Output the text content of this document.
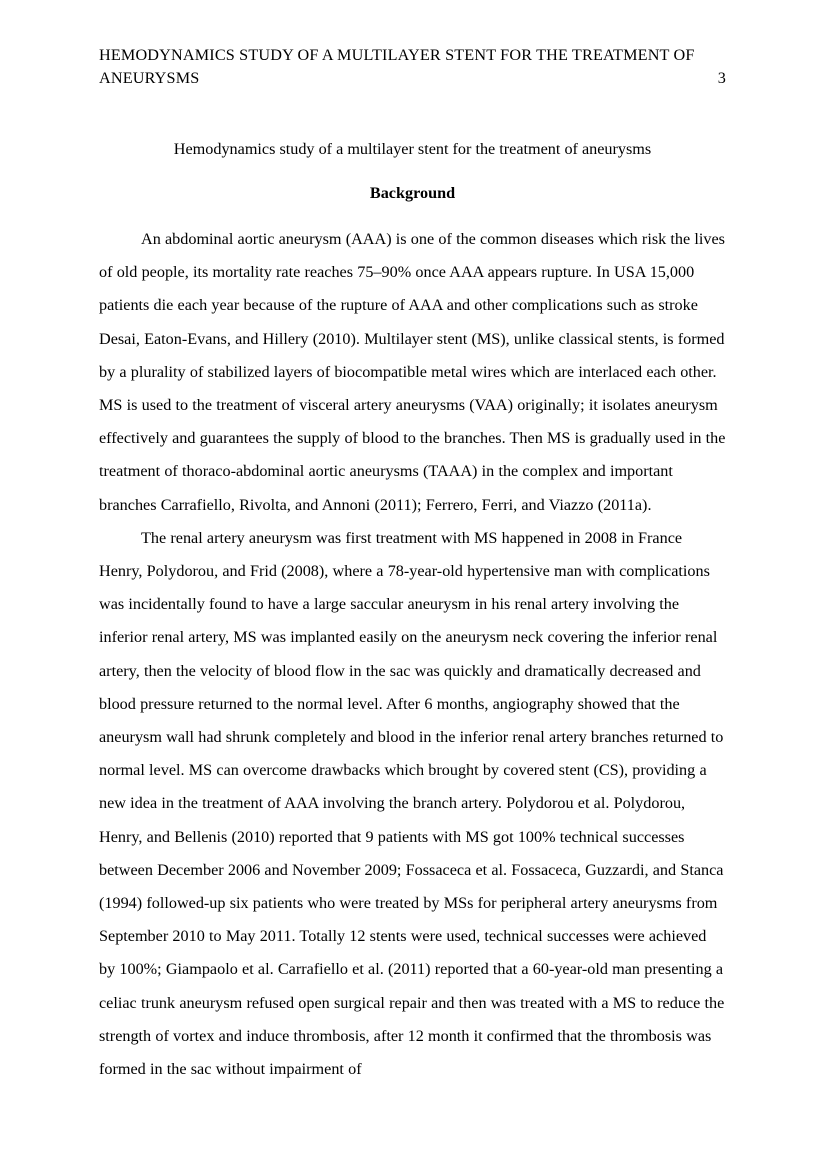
HEMODYNAMICS STUDY OF A MULTILAYER STENT FOR THE TREATMENT OF ANEURYSMS	3
Hemodynamics study of a multilayer stent for the treatment of aneurysms
Background

An abdominal aortic aneurysm (AAA) is one of the common diseases which risk the lives of old people, its mortality rate reaches 75–90% once AAA appears rupture. In USA 15,000 patients die each year because of the rupture of AAA and other complications such as stroke Desai, Eaton-Evans, and Hillery (2010). Multilayer stent (MS), unlike classical stents, is formed by a plurality of stabilized layers of biocompatible metal wires which are interlaced each other. MS is used to the treatment of visceral artery aneurysms (VAA) originally; it isolates aneurysm effectively and guarantees the supply of blood to the branches. Then MS is gradually used in the treatment of thoraco-abdominal aortic aneurysms (TAAA) in the complex and important branches Carrafiello, Rivolta, and Annoni (2011); Ferrero, Ferri, and Viazzo (2011a).

The renal artery aneurysm was first treatment with MS happened in 2008 in France Henry, Polydorou, and Frid (2008), where a 78-year-old hypertensive man with complications was incidentally found to have a large saccular aneurysm in his renal artery involving the inferior renal artery, MS was implanted easily on the aneurysm neck covering the inferior renal artery, then the velocity of blood flow in the sac was quickly and dramatically decreased and blood pressure returned to the normal level. After 6 months, angiography showed that the aneurysm wall had shrunk completely and blood in the inferior renal artery branches returned to normal level. MS can overcome drawbacks which brought by covered stent (CS), providing a new idea in the treatment of AAA involving the branch artery. Polydorou et al. Polydorou, Henry, and Bellenis (2010) reported that 9 patients with MS got 100% technical successes between December 2006 and November 2009; Fossaceca et al. Fossaceca, Guzzardi, and Stanca (1994) followed-up six patients who were treated by MSs for peripheral artery aneurysms from September 2010 to May 2011. Totally 12 stents were used, technical successes were achieved by 100%; Giampaolo et al. Carrafiello et al. (2011) reported that a 60-year-old man presenting a celiac trunk aneurysm refused open surgical repair and then was treated with a MS to reduce the strength of vortex and induce thrombosis, after 12 month it confirmed that the thrombosis was formed in the sac without impairment of
